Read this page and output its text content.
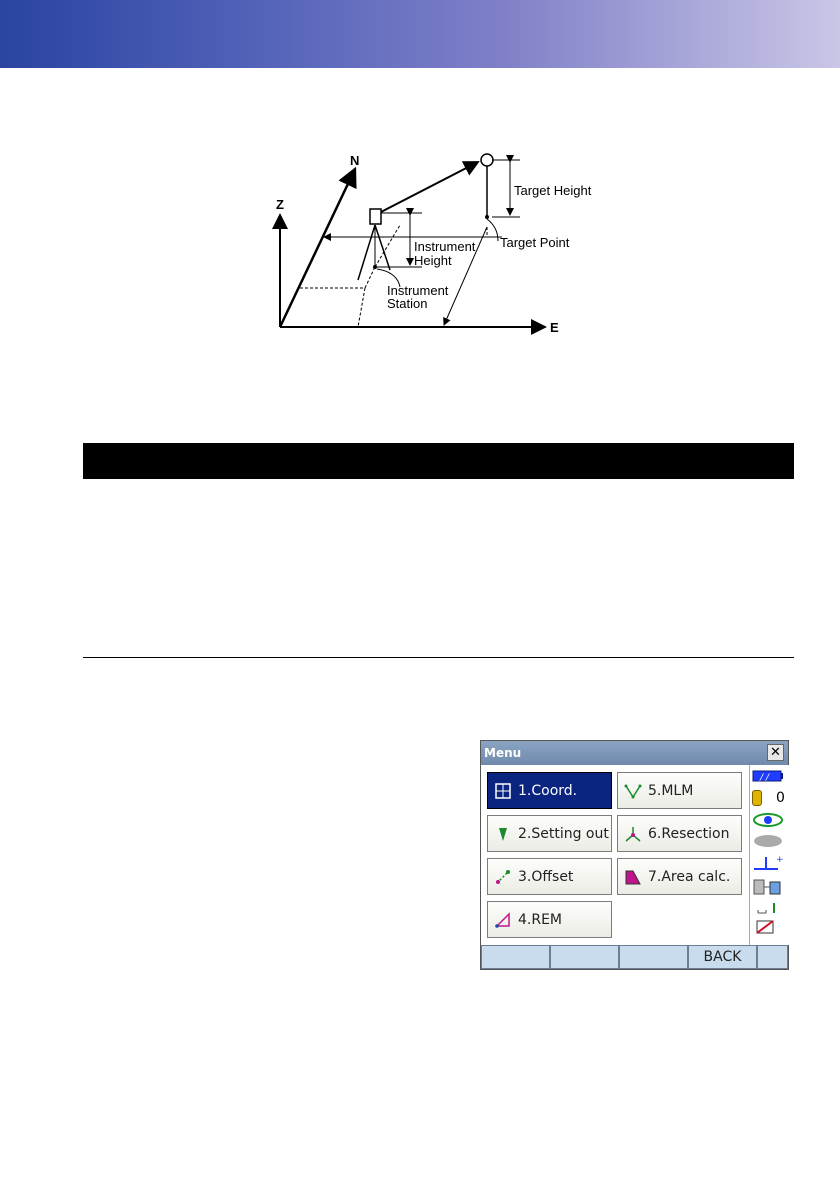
N
Z
E
Target Height
Target Point
Instrument
Height
Instrument
Station
Menu	✕
1.Coord.
2.Setting out
3.Offset
4.REM
5.MLM
6.Resection
7.Area calc.
/ /
0
+
BACK
